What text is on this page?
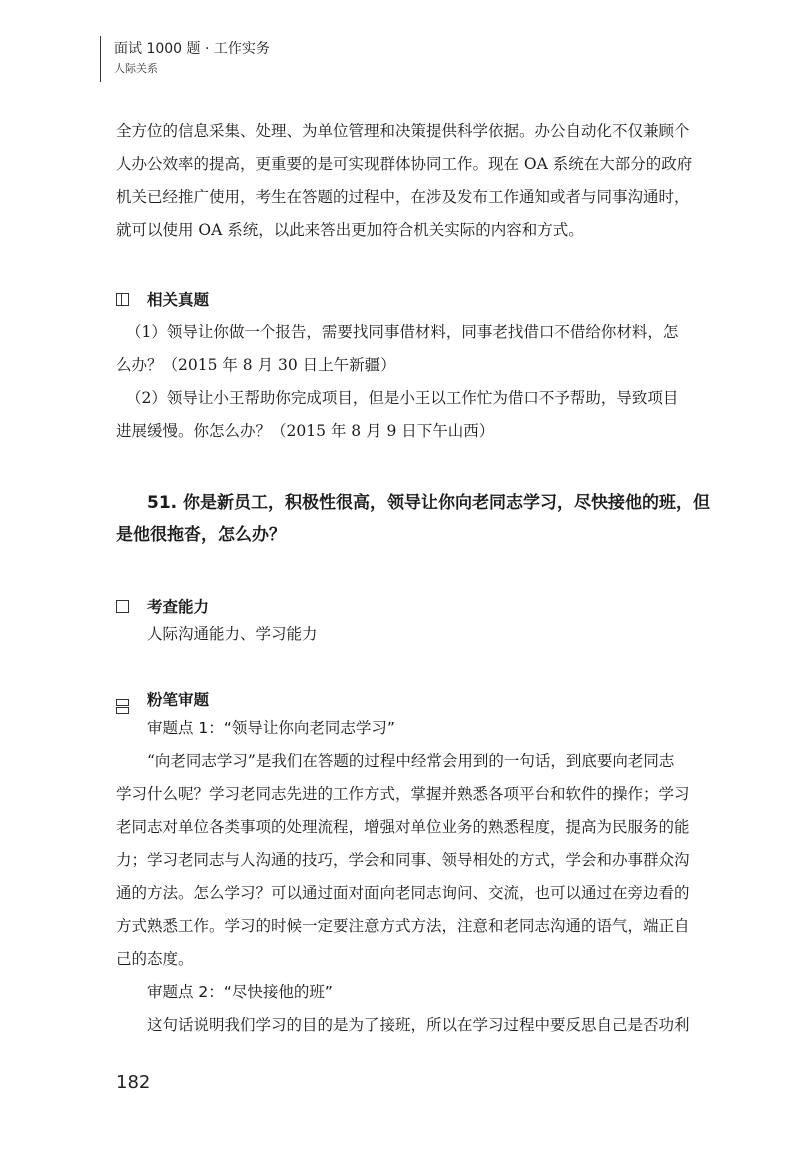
面试 1000 题 · 工作实务
人际关系
全方位的信息采集、处理、为单位管理和决策提供科学依据。办公自动化不仅兼顾个
人办公效率的提高，更重要的是可实现群体协同工作。现在 OA 系统在大部分的政府
机关已经推广使用，考生在答题的过程中，在涉及发布工作通知或者与同事沟通时，
就可以使用 OA 系统，以此来答出更加符合机关实际的内容和方式。
相关真题
（1）领导让你做一个报告，需要找同事借材料，同事老找借口不借给你材料，怎
么办？（2015 年 8 月 30 日上午新疆）
（2）领导让小王帮助你完成项目，但是小王以工作忙为借口不予帮助，导致项目
进展缓慢。你怎么办？（2015 年 8 月 9 日下午山西）
51. 你是新员工，积极性很高，领导让你向老同志学习，尽快接他的班，但
是他很拖沓，怎么办？
考查能力
人际沟通能力、学习能力
粉笔审题
审题点 1：“领导让你向老同志学习”
“向老同志学习”是我们在答题的过程中经常会用到的一句话，到底要向老同志
学习什么呢？学习老同志先进的工作方式，掌握并熟悉各项平台和软件的操作；学习
老同志对单位各类事项的处理流程，增强对单位业务的熟悉程度，提高为民服务的能
力；学习老同志与人沟通的技巧，学会和同事、领导相处的方式，学会和办事群众沟
通的方法。怎么学习？可以通过面对面向老同志询问、交流，也可以通过在旁边看的
方式熟悉工作。学习的时候一定要注意方式方法，注意和老同志沟通的语气，端正自
己的态度。
审题点 2：“尽快接他的班”
这句话说明我们学习的目的是为了接班，所以在学习过程中要反思自己是否功利
182
